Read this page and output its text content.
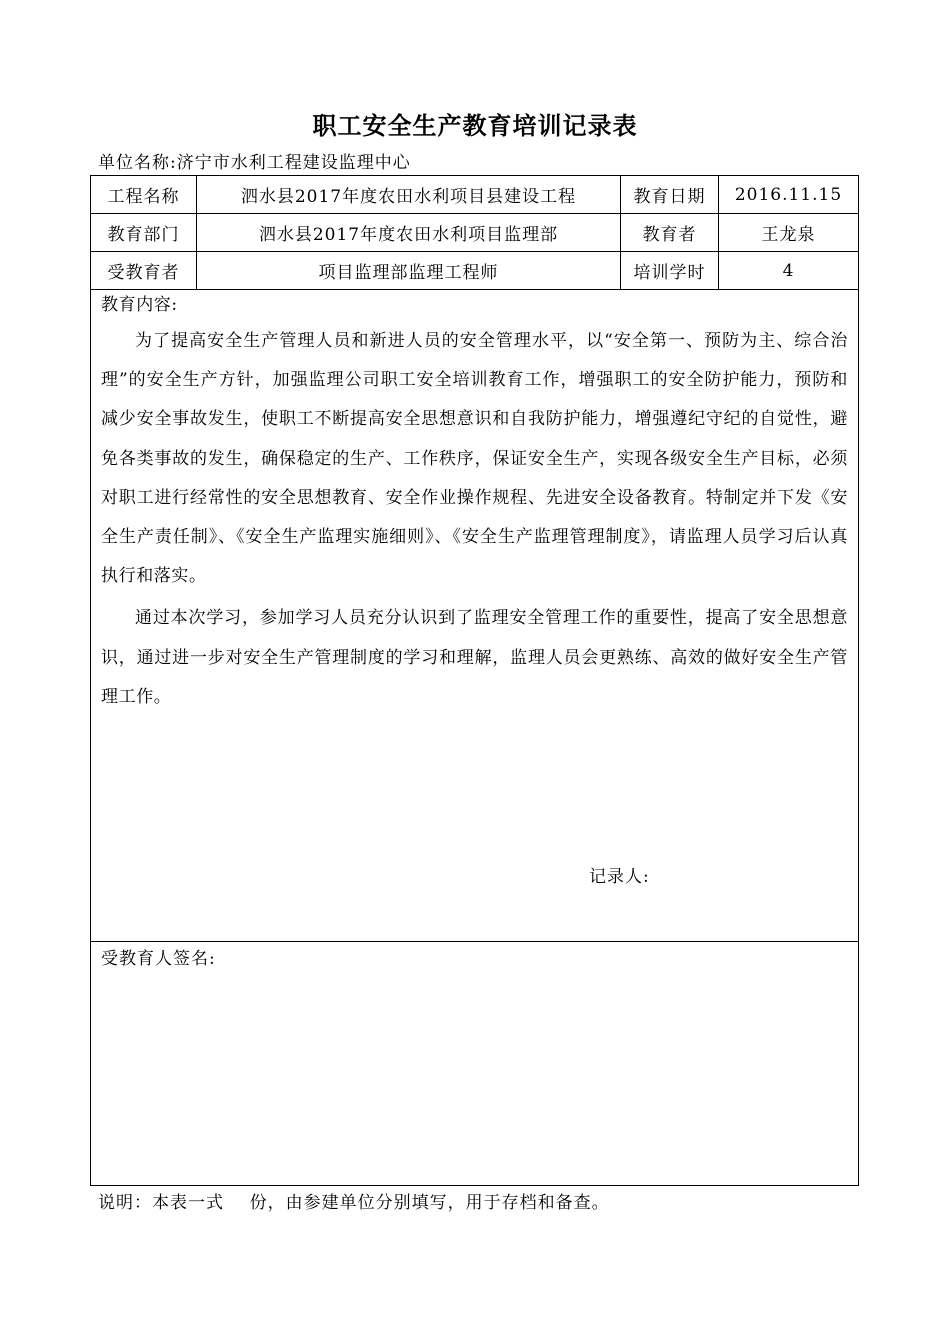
职工安全生产教育培训记录表
单位名称:济宁市水利工程建设监理中心
工程名称	泗水县2017年度农田水利项目县建设工程	教育日期	2016.11.15
教育部门	泗水县2017年度农田水利项目监理部	教育者	王龙泉
受教育者	项目监理部监理工程师	培训学时	4

教育内容:

为了提高安全生产管理人员和新进人员的安全管理水平，以“安全第一、预防为主、综合治理”的安全生产方针，加强监理公司职工安全培训教育工作，增强职工的安全防护能力，预防和减少安全事故发生，使职工不断提高安全思想意识和自我防护能力，增强遵纪守纪的自觉性，避免各类事故的发生，确保稳定的生产、工作秩序，保证安全生产，实现各级安全生产目标，必须对职工进行经常性的安全思想教育、安全作业操作规程、先进安全设备教育。特制定并下发《安全生产责任制》、《安全生产监理实施细则》、《安全生产监理管理制度》，请监理人员学习后认真执行和落实。

通过本次学习，参加学习人员充分认识到了监理安全管理工作的重要性，提高了安全思想意识，通过进一步对安全生产管理制度的学习和理解，监理人员会更熟练、高效的做好安全生产管理工作。

记录人:			

受教育人签名:			
说明：本表一式    份，由参建单位分别填写，用于存档和备查。
